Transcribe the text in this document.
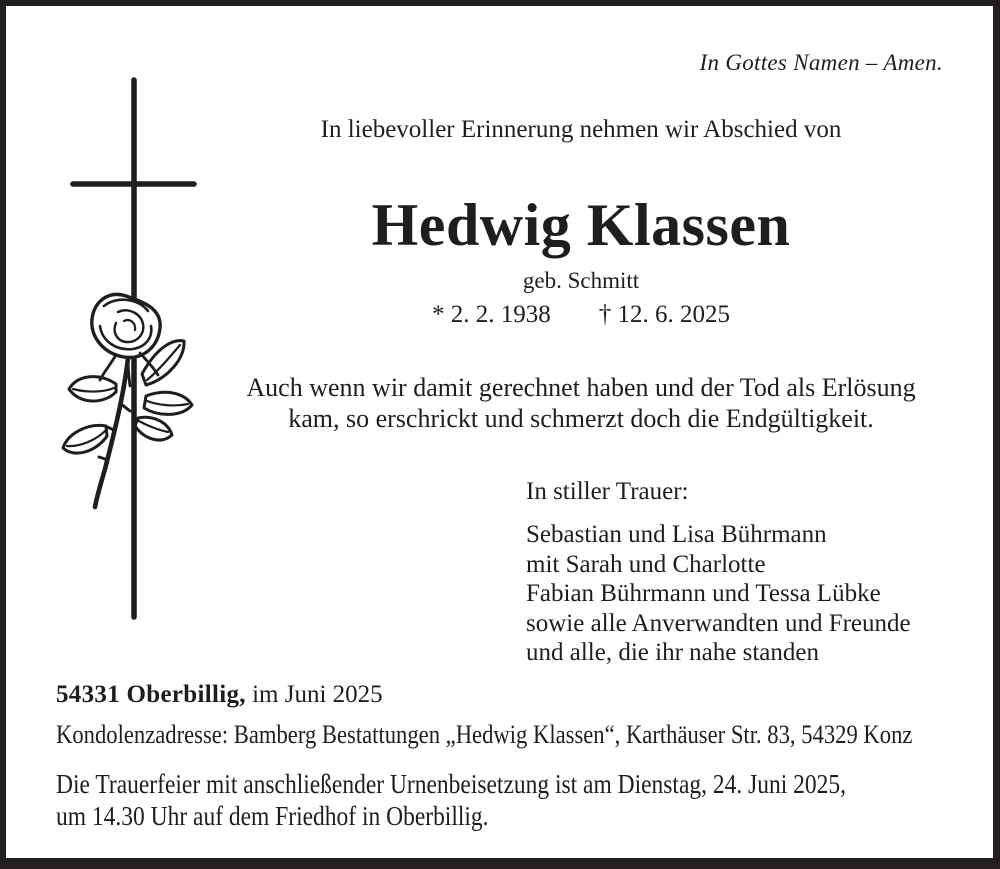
In Gottes Namen – Amen.
In liebevoller Erinnerung nehmen wir Abschied von
Hedwig Klassen
geb. Schmitt
* 2. 2. 1938 † 12. 6. 2025
Auch wenn wir damit gerechnet haben und der Tod als Erlösung
kam, so erschrickt und schmerzt doch die Endgültigkeit.
In stiller Trauer:
Sebastian und Lisa Bührmann
mit Sarah und Charlotte
Fabian Bührmann und Tessa Lübke
sowie alle Anverwandten und Freunde
und alle, die ihr nahe standen
54331 Oberbillig, im Juni 2025
Kondolenzadresse: Bamberg Bestattungen „Hedwig Klassen“, Karthäuser Str. 83, 54329 Konz
Die Trauerfeier mit anschließender Urnenbeisetzung ist am Dienstag, 24. Juni 2025,
um 14.30 Uhr auf dem Friedhof in Oberbillig.
